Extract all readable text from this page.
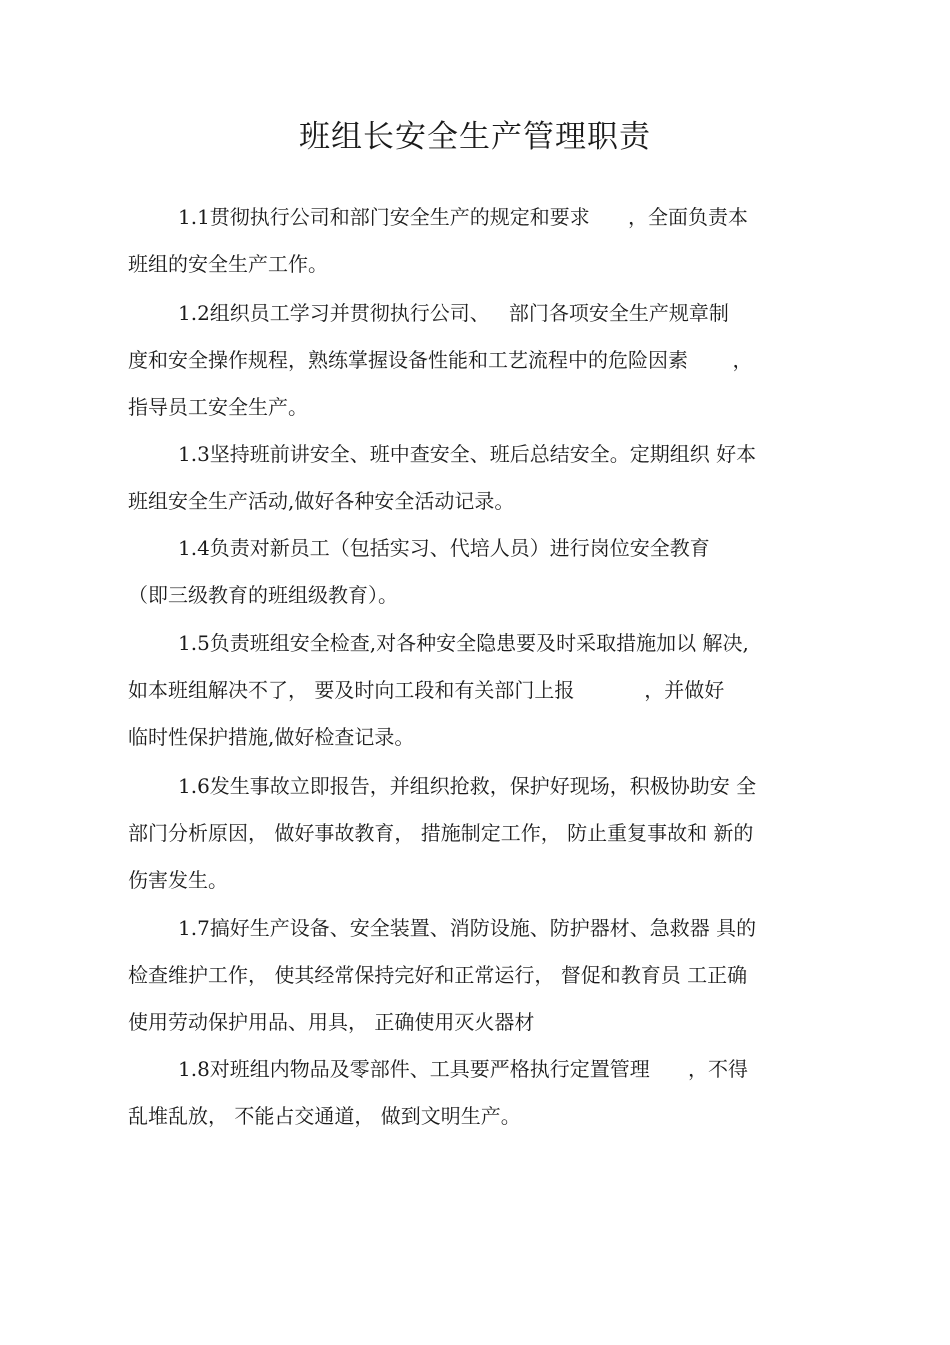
班组长安全生产管理职责
1.1贯彻执行公司和部门安全生产的规定和要求      ，全面负责本
班组的安全生产工作。
1.2组织员工学习并贯彻执行公司、   部门各项安全生产规章制
度和安全操作规程，熟练掌握设备性能和工艺流程中的危险因素       ，
指导员工安全生产。
1.3坚持班前讲安全、班中查安全、班后总结安全。定期组织 好本
班组安全生产活动,做好各种安全活动记录。
1.4负责对新员工（包括实习、代培人员）进行岗位安全教育
（即三级教育的班组级教育）。
1.5负责班组安全检查,对各种安全隐患要及时采取措施加以 解决,
如本班组解决不了， 要及时向工段和有关部门上报           ，并做好
临时性保护措施,做好检查记录。
1.6发生事故立即报告，并组织抢救，保护好现场，积极协助安 全
部门分析原因， 做好事故教育， 措施制定工作， 防止重复事故和 新的
伤害发生。
1.7搞好生产设备、安全装置、消防设施、防护器材、急救器 具的
检查维护工作， 使其经常保持完好和正常运行， 督促和教育员 工正确
使用劳动保护用品、用具， 正确使用灭火器材
1.8对班组内物品及零部件、工具要严格执行定置管理      ，不得
乱堆乱放， 不能占交通道， 做到文明生产。
